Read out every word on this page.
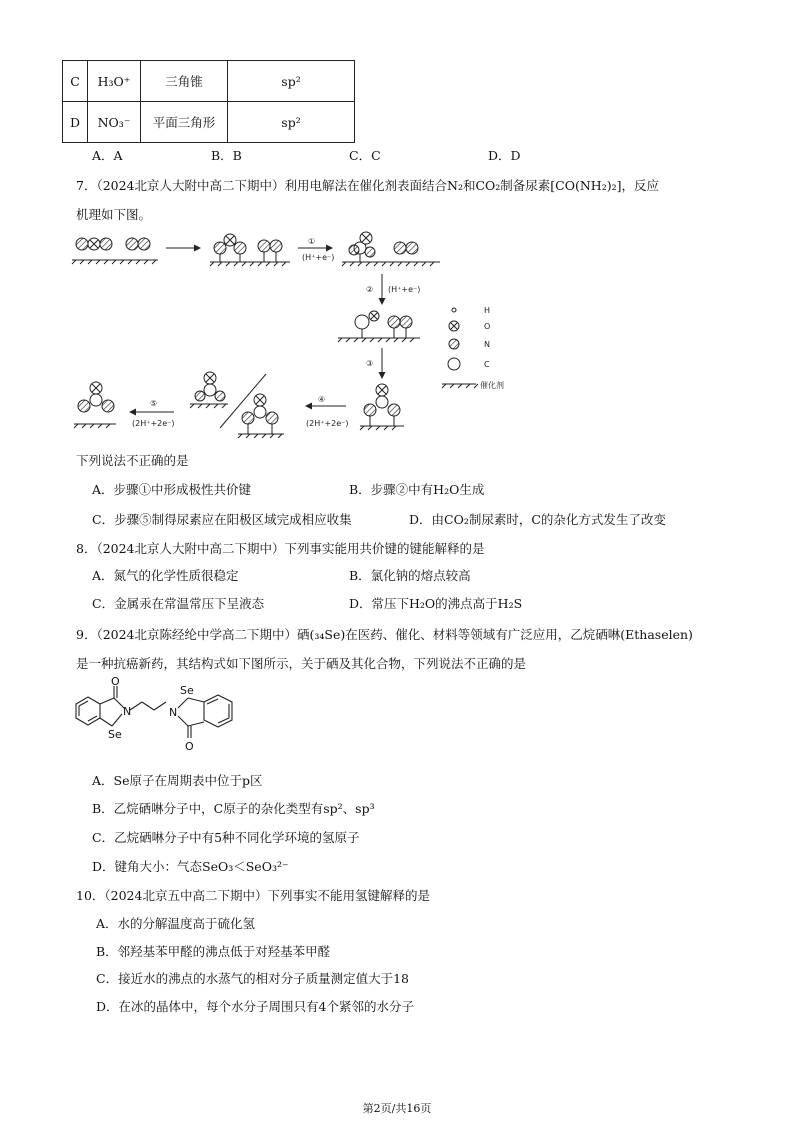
C	H₃O⁺	三角锥	sp²
D	NO₃⁻	平面三角形	sp²
A．A	B．B	C．C	D．D
7．（2024北京人大附中高二下期中）利用电解法在催化剂表面结合N₂和CO₂制备尿素[CO(NH₂)₂]，反应
机理如下图。
①
(H⁺+e⁻)
② (H⁺+e⁻)
③
④
(2H⁺+2e⁻)
⑤
(2H⁺+2e⁻)
H
O
N
C
催化剂
下列说法不正确的是
A．步骤①中形成极性共价键	B．步骤②中有H₂O生成
C．步骤⑤制得尿素应在阳极区域完成相应收集	D．由CO₂制尿素时，C的杂化方式发生了改变
8．（2024北京人大附中高二下期中）下列事实能用共价键的键能解释的是
A．氮气的化学性质很稳定	B．氯化钠的熔点较高
C．金属汞在常温常压下呈液态	D．常压下H₂O的沸点高于H₂S
9．（2024北京陈经纶中学高二下期中）硒(₃₄Se)在医药、催化、材料等领域有广泛应用，乙烷硒啉(Ethaselen)
是一种抗癌新药，其结构式如下图所示，关于硒及其化合物，下列说法不正确的是
O
Se
N
Se
N
O
A．Se原子在周期表中位于p区
B．乙烷硒啉分子中，C原子的杂化类型有sp²、sp³
C．乙烷硒啉分子中有5种不同化学环境的氢原子
D．键角大小：气态SeO₃＜SeO₃²⁻
10．（2024北京五中高二下期中）下列事实不能用氢键解释的是
A．水的分解温度高于硫化氢
B．邻羟基苯甲醛的沸点低于对羟基苯甲醛
C．接近水的沸点的水蒸气的相对分子质量测定值大于18
D．在冰的晶体中，每个水分子周围只有4个紧邻的水分子
第2页/共16页
